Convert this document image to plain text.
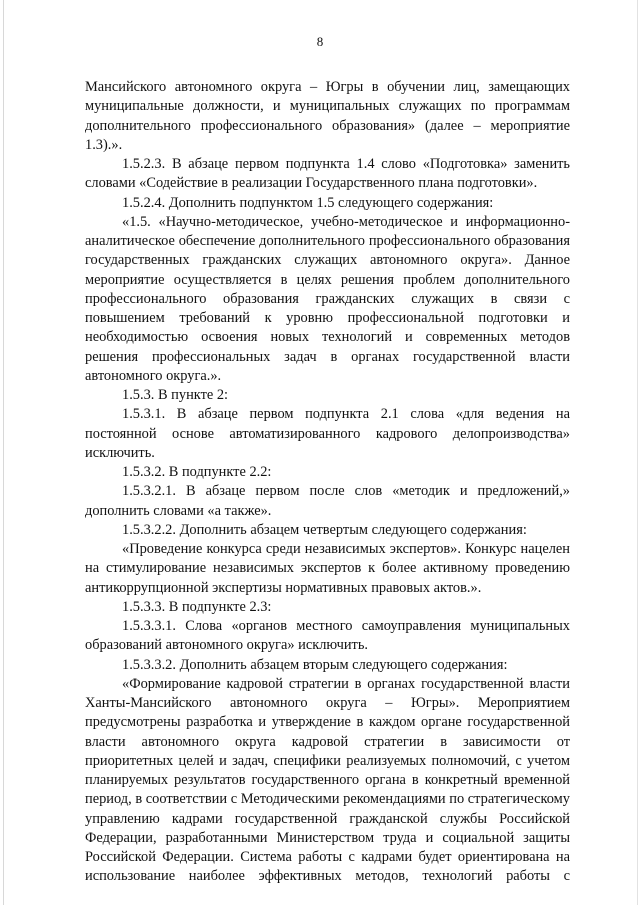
8

Мансийского автономного округа – Югры в обучении лиц, замещающих муниципальные должности, и муниципальных служащих по программам дополнительного профессионального образования» (далее – мероприятие 1.3).».

1.5.2.3. В абзаце первом подпункта 1.4 слово «Подготовка» заменить словами «Содействие в реализации Государственного плана подготовки».

1.5.2.4. Дополнить подпунктом 1.5 следующего содержания:

«1.5. «Научно-методическое, учебно-методическое и информационно-аналитическое обеспечение дополнительного профессионального образования государственных гражданских служащих автономного округа». Данное мероприятие осуществляется в целях решения проблем дополнительного профессионального образования гражданских служащих в связи с повышением требований к уровню профессиональной подготовки и необходимостью освоения новых технологий и современных методов решения профессиональных задач в органах государственной власти автономного округа.».

1.5.3. В пункте 2:

1.5.3.1. В абзаце первом подпункта 2.1 слова «для ведения на постоянной основе автоматизированного кадрового делопроизводства» исключить.

1.5.3.2. В подпункте 2.2:

1.5.3.2.1. В абзаце первом после слов «методик и предложений,» дополнить словами «а также».

1.5.3.2.2. Дополнить абзацем четвертым следующего содержания:

«Проведение конкурса среди независимых экспертов». Конкурс нацелен на стимулирование независимых экспертов к более активному проведению антикоррупционной экспертизы нормативных правовых актов.».

1.5.3.3. В подпункте 2.3:

1.5.3.3.1. Слова «органов местного самоуправления муниципальных образований автономного округа» исключить.

1.5.3.3.2. Дополнить абзацем вторым следующего содержания:

«Формирование кадровой стратегии в органах государственной власти Ханты-Мансийского автономного округа – Югры». Мероприятием предусмотрены разработка и утверждение в каждом органе государственной власти автономного округа кадровой стратегии в зависимости от приоритетных целей и задач, специфики реализуемых полномочий, с учетом планируемых результатов государственного органа в конкретный временной период, в соответствии с Методическими рекомендациями по стратегическому управлению кадрами государственной гражданской службы Российской Федерации, разработанными Министерством труда и социальной защиты Российской Федерации. Система работы с кадрами будет ориентирована на использование наиболее эффективных методов, технологий работы с
